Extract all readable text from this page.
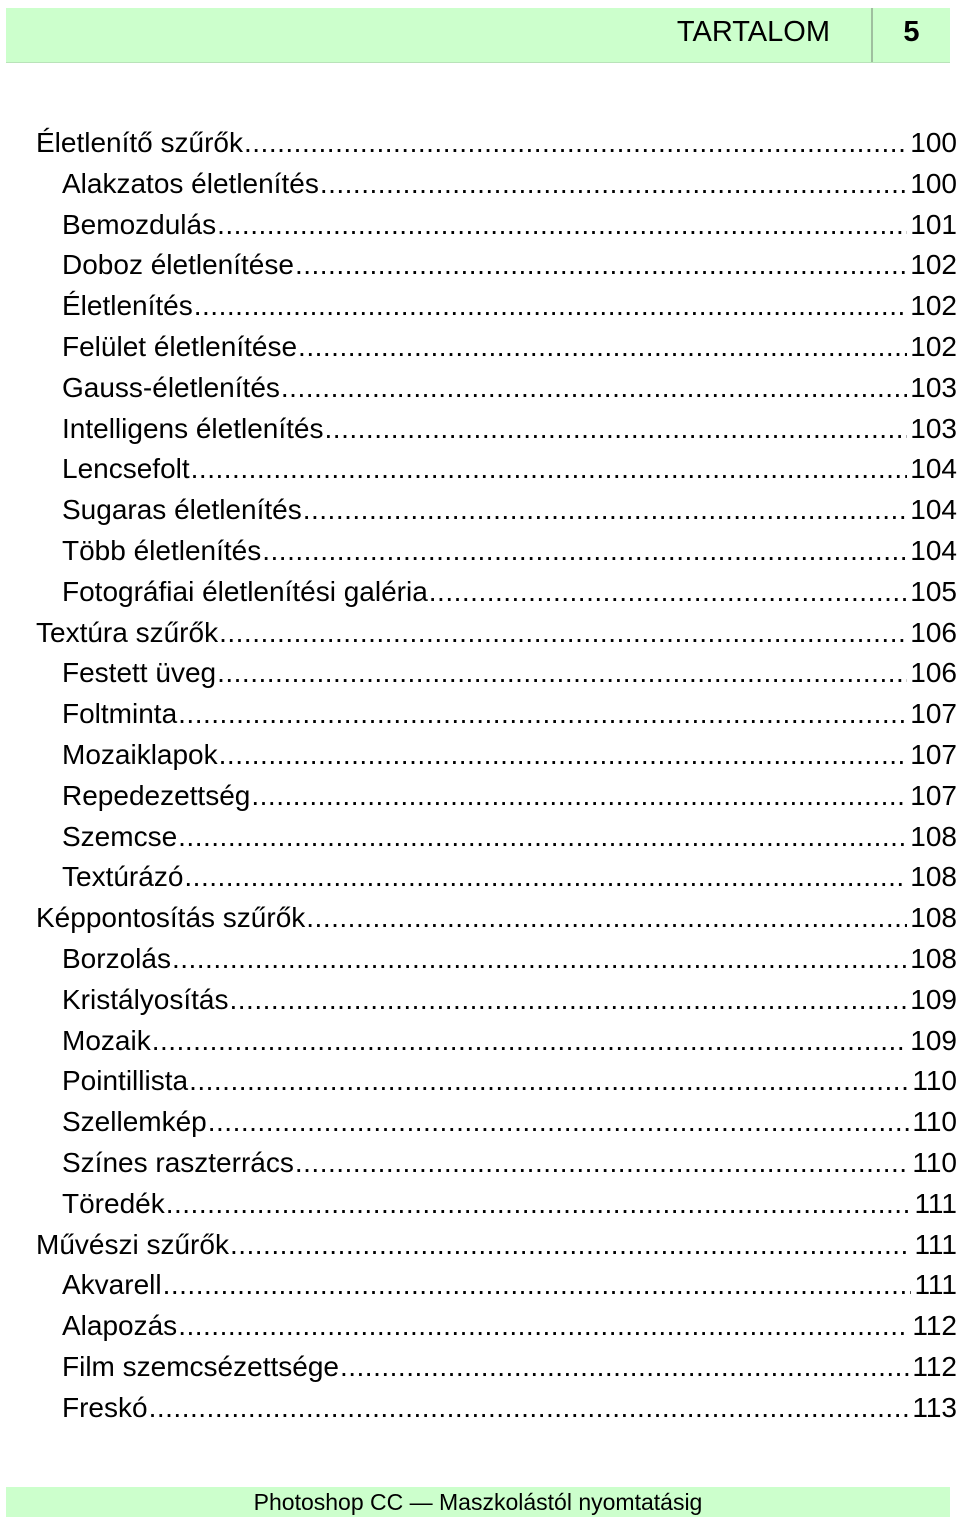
TARTALOM	5
Életlenítő szűrők .....	100
Alakzatos életlenítés .....	100
Bemozdulás .....	101
Doboz életlenítése .....	102
Életlenítés .....	102
Felület életlenítése .....	102
Gauss-életlenítés .....	103
Intelligens életlenítés .....	103
Lencsefolt .....	104
Sugaras életlenítés .....	104
Több életlenítés .....	104
Fotográfiai életlenítési galéria .....	105
Textúra szűrők .....	106
Festett üveg .....	106
Foltminta .....	107
Mozaiklapok .....	107
Repedezettség .....	107
Szemcse .....	108
Textúrázó .....	108
Képpontosítás szűrők .....	108
Borzolás .....	108
Kristályosítás .....	109
Mozaik .....	109
Pointillista .....	110
Szellemkép .....	110
Színes raszterrács .....	110
Töredék .....	111
Művészi szűrők .....	111
Akvarell .....	111
Alapozás .....	112
Film szemcsézettsége .....	112
Freskó .....	113
Photoshop CC — Maszkolástól nyomtatásig
